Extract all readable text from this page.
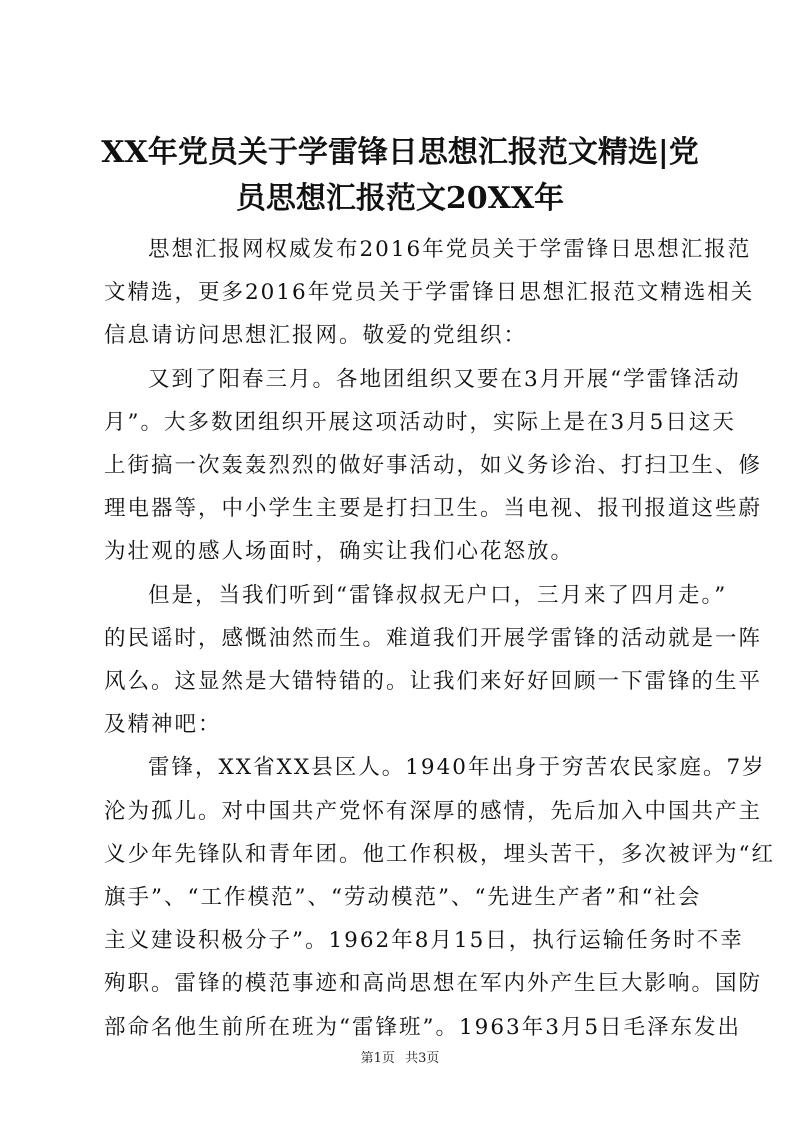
XX年党员关于学雷锋日思想汇报范文精选|党
员思想汇报范文20XX年
思想汇报网权威发布2016年党员关于学雷锋日思想汇报范
文精选，更多2016年党员关于学雷锋日思想汇报范文精选相关
信息请访问思想汇报网。敬爱的党组织：
又到了阳春三月。各地团组织又要在3月开展“学雷锋活动
月”。大多数团组织开展这项活动时，实际上是在3月5日这天
上街搞一次轰轰烈烈的做好事活动，如义务诊治、打扫卫生、修
理电器等，中小学生主要是打扫卫生。当电视、报刊报道这些蔚
为壮观的感人场面时，确实让我们心花怒放。
但是，当我们听到“雷锋叔叔无户口，三月来了四月走。”
的民谣时，感慨油然而生。难道我们开展学雷锋的活动就是一阵
风么。这显然是大错特错的。让我们来好好回顾一下雷锋的生平
及精神吧：
雷锋，XX省XX县区人。1940年出身于穷苦农民家庭。7岁
沦为孤儿。对中国共产党怀有深厚的感情，先后加入中国共产主
义少年先锋队和青年团。他工作积极，埋头苦干，多次被评为“红
旗手”、“工作模范”、“劳动模范”、“先进生产者”和“社会
主义建设积极分子”。1962年8月15日，执行运输任务时不幸
殉职。雷锋的模范事迹和高尚思想在军内外产生巨大影响。国防
部命名他生前所在班为“雷锋班”。1963年3月5日毛泽东发出
第1页 共3页
